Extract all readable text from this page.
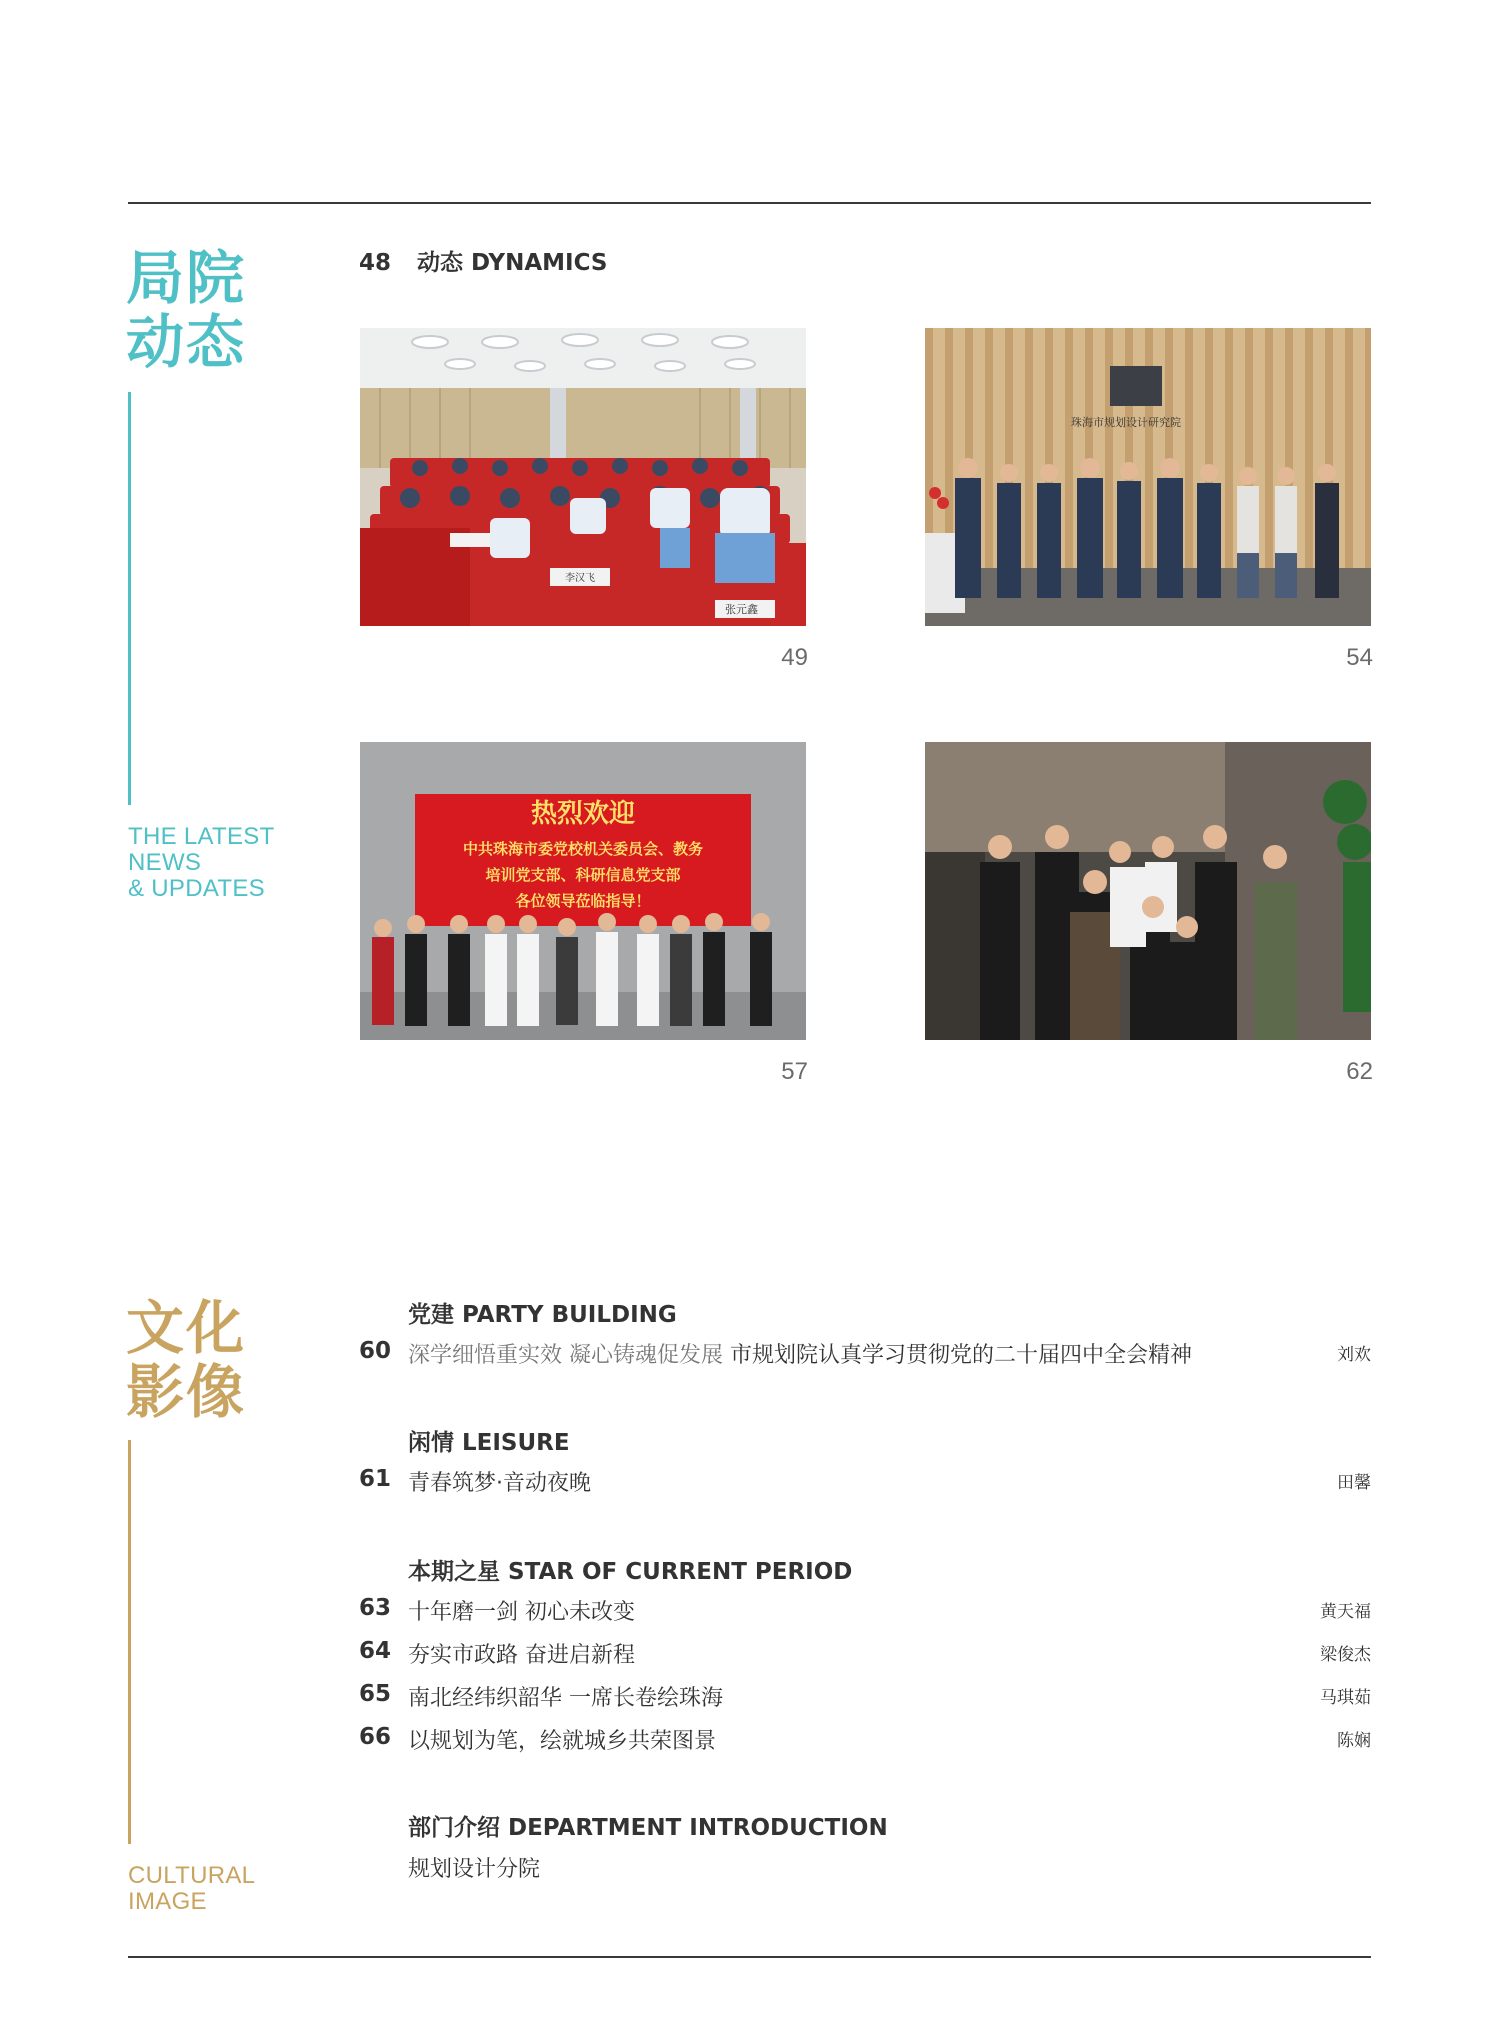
局院
动态
THE LATEST
NEWS
& UPDATES
48 动态 DYNAMICS
李汉飞
张元鑫
49
珠海市规划设计研究院
54
热烈欢迎
中共珠海市委党校机关委员会、教务
培训党支部、科研信息党支部
各位领导莅临指导！
57	62
文化
影像
CULTURAL
IMAGE
党建 PARTY BUILDING
60 深学细悟重实效 凝心铸魂促发展 市规划院认真学习贯彻党的二十届四中全会精神	刘欢
闲情 LEISURE
61 青春筑梦·音动夜晚	田馨
本期之星 STAR OF CURRENT PERIOD
63 十年磨一剑 初心未改变	黄天福
64 夯实市政路 奋进启新程	梁俊杰
65 南北经纬织韶华 一席长卷绘珠海	马琪茹
66 以规划为笔，绘就城乡共荣图景	陈娴
部门介绍 DEPARTMENT INTRODUCTION
规划设计分院
